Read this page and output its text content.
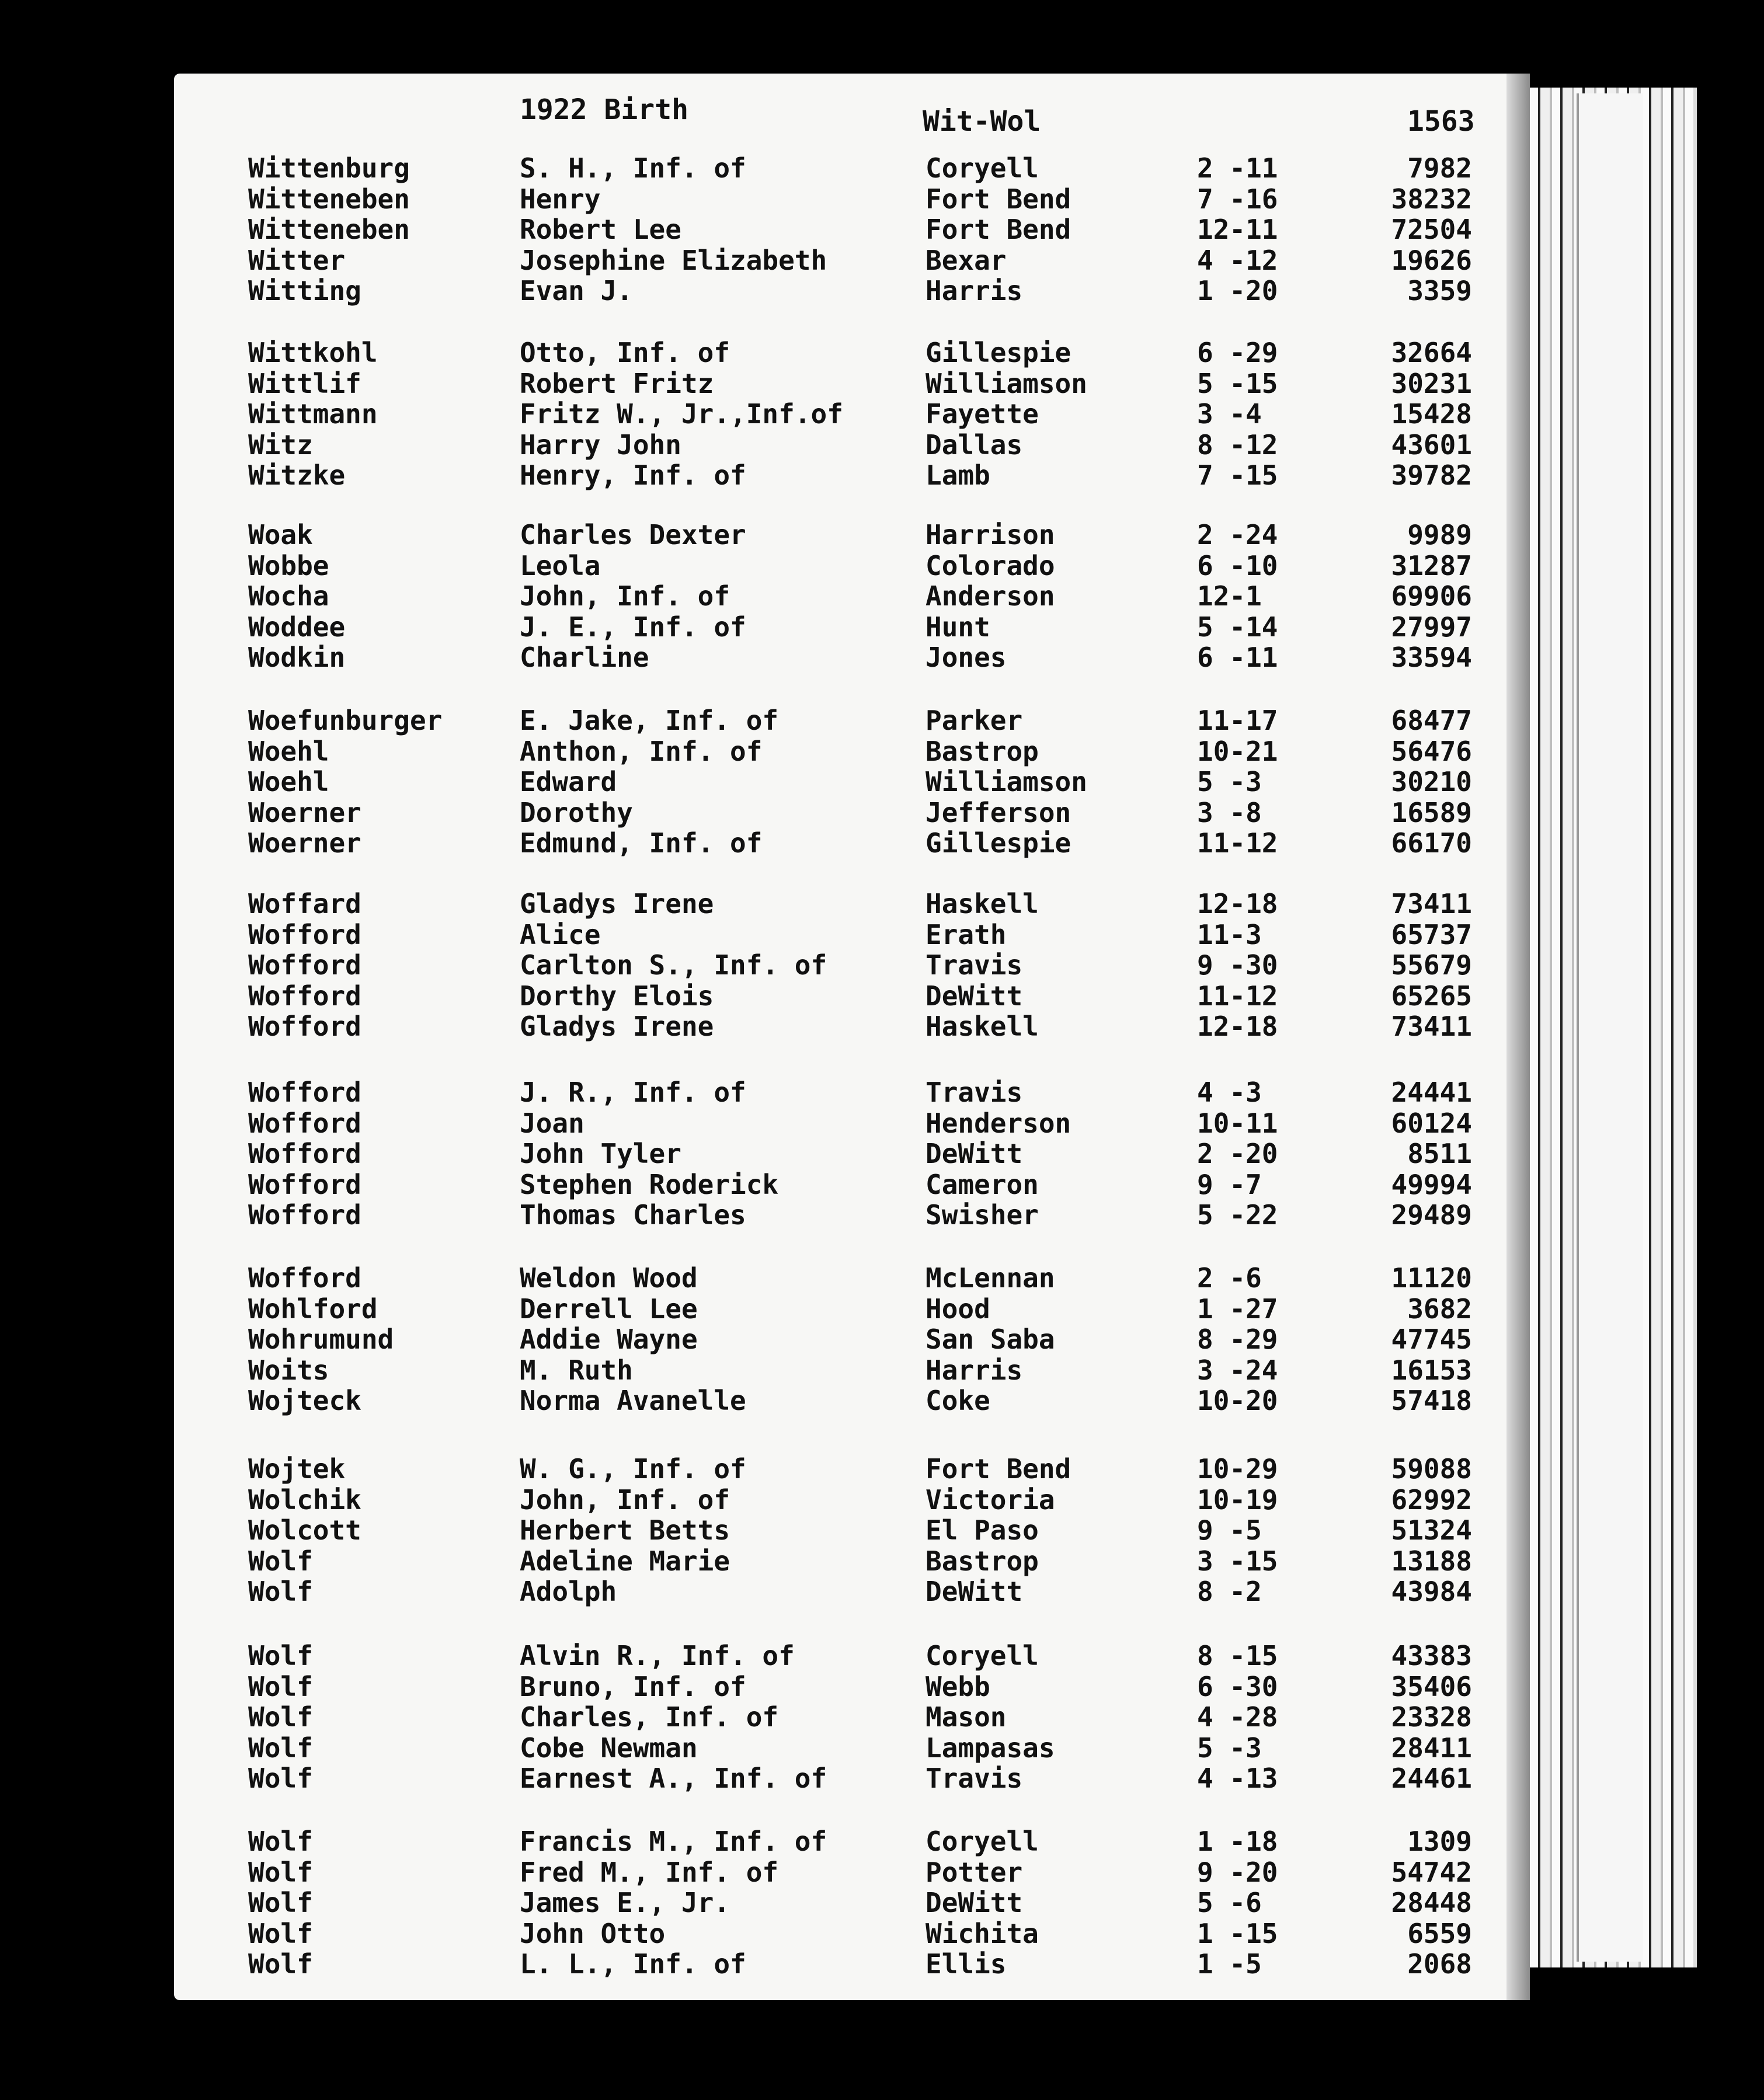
1922 Birth	Wit-Wol	1563
Wittenburg	S. H., Inf. of	Coryell	2 -11	7982
Witteneben	Henry	Fort Bend	7 -16	38232
Witteneben	Robert Lee	Fort Bend	12-11	72504
Witter	Josephine Elizabeth	Bexar	4 -12	19626
Witting	Evan J.	Harris	1 -20	3359
Wittkohl	Otto, Inf. of	Gillespie	6 -29	32664
Wittlif	Robert Fritz	Williamson	5 -15	30231
Wittmann	Fritz W., Jr.,Inf.of	Fayette	3 -4	15428
Witz	Harry John	Dallas	8 -12	43601
Witzke	Henry, Inf. of	Lamb	7 -15	39782
Woak	Charles Dexter	Harrison	2 -24	9989
Wobbe	Leola	Colorado	6 -10	31287
Wocha	John, Inf. of	Anderson	12-1	69906
Woddee	J. E., Inf. of	Hunt	5 -14	27997
Wodkin	Charline	Jones	6 -11	33594
Woefunburger	E. Jake, Inf. of	Parker	11-17	68477
Woehl	Anthon, Inf. of	Bastrop	10-21	56476
Woehl	Edward	Williamson	5 -3	30210
Woerner	Dorothy	Jefferson	3 -8	16589
Woerner	Edmund, Inf. of	Gillespie	11-12	66170
Woffard	Gladys Irene	Haskell	12-18	73411
Wofford	Alice	Erath	11-3	65737
Wofford	Carlton S., Inf. of	Travis	9 -30	55679
Wofford	Dorthy Elois	DeWitt	11-12	65265
Wofford	Gladys Irene	Haskell	12-18	73411
Wofford	J. R., Inf. of	Travis	4 -3	24441
Wofford	Joan	Henderson	10-11	60124
Wofford	John Tyler	DeWitt	2 -20	8511
Wofford	Stephen Roderick	Cameron	9 -7	49994
Wofford	Thomas Charles	Swisher	5 -22	29489
Wofford	Weldon Wood	McLennan	2 -6	11120
Wohlford	Derrell Lee	Hood	1 -27	3682
Wohrumund	Addie Wayne	San Saba	8 -29	47745
Woits	M. Ruth	Harris	3 -24	16153
Wojteck	Norma Avanelle	Coke	10-20	57418
Wojtek	W. G., Inf. of	Fort Bend	10-29	59088
Wolchik	John, Inf. of	Victoria	10-19	62992
Wolcott	Herbert Betts	El Paso	9 -5	51324
Wolf	Adeline Marie	Bastrop	3 -15	13188
Wolf	Adolph	DeWitt	8 -2	43984
Wolf	Alvin R., Inf. of	Coryell	8 -15	43383
Wolf	Bruno, Inf. of	Webb	6 -30	35406
Wolf	Charles, Inf. of	Mason	4 -28	23328
Wolf	Cobe Newman	Lampasas	5 -3	28411
Wolf	Earnest A., Inf. of	Travis	4 -13	24461
Wolf	Francis M., Inf. of	Coryell	1 -18	1309
Wolf	Fred M., Inf. of	Potter	9 -20	54742
Wolf	James E., Jr.	DeWitt	5 -6	28448
Wolf	John Otto	Wichita	1 -15	6559
Wolf	L. L., Inf. of	Ellis	1 -5	2068
